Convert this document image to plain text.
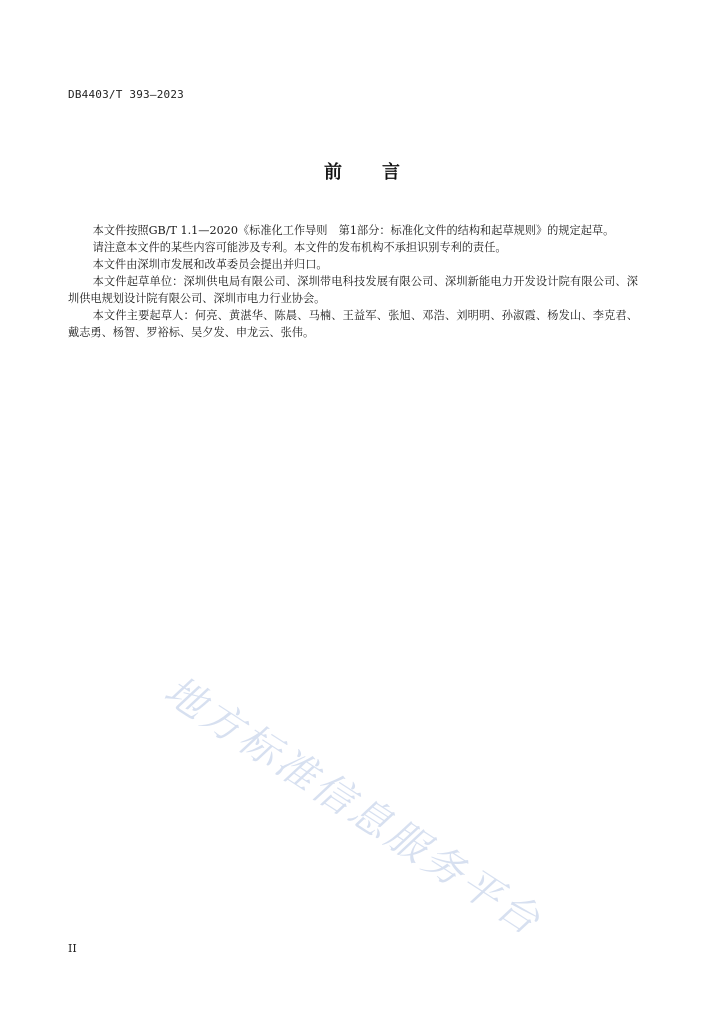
DB4403/T 393—2023
前言

本文件按照GB/T 1.1—2020《标准化工作导则　第1部分：标准化文件的结构和起草规则》的规定起草。

请注意本文件的某些内容可能涉及专利。本文件的发布机构不承担识别专利的责任。

本文件由深圳市发展和改革委员会提出并归口。

本文件起草单位：深圳供电局有限公司、深圳带电科技发展有限公司、深圳新能电力开发设计院有限公司、深圳供电规划设计院有限公司、深圳市电力行业协会。

本文件主要起草人：何亮、黄湛华、陈晨、马楠、王益军、张旭、邓浩、刘明明、孙淑霞、杨发山、李克君、戴志勇、杨智、罗裕标、吴夕发、申龙云、张伟。

地方标准信息服务平台
II
